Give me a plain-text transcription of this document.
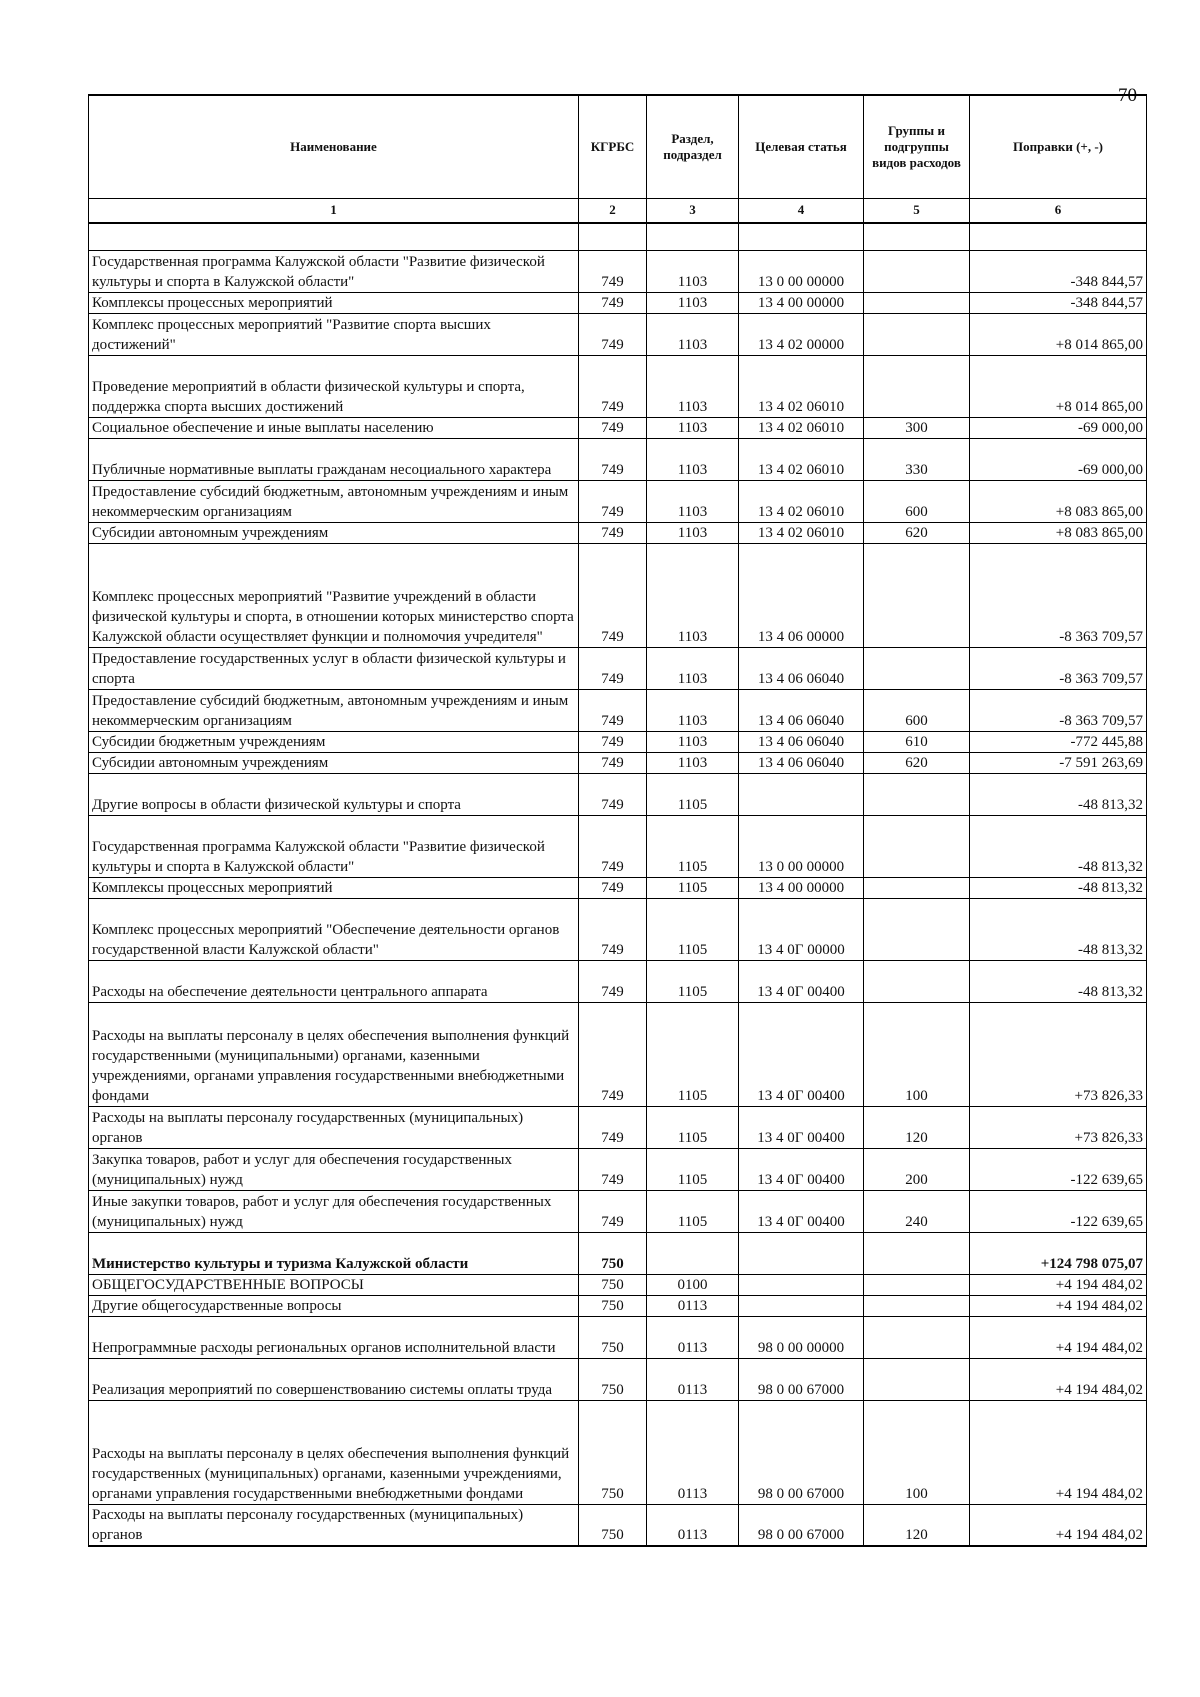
70
Наименование	КГРБС	Раздел, подраздел	Целевая статья	Группы и подгруппы видов расходов	Поправки (+, -)
1	2	3	4	5	6

Государственная программа Калужской области "Развитие физической культуры и спорта в Калужской области"	749	1103	13 0 00 00000		-348 844,57
Комплексы процессных мероприятий	749	1103	13 4 00 00000		-348 844,57
Комплекс процессных мероприятий "Развитие спорта высших достижений"	749	1103	13 4 02 00000		+8 014 865,00
Проведение мероприятий в области физической культуры и спорта, поддержка спорта высших достижений	749	1103	13 4 02 06010		+8 014 865,00
Социальное обеспечение и иные выплаты населению	749	1103	13 4 02 06010	300	-69 000,00
Публичные нормативные выплаты гражданам несоциального характера	749	1103	13 4 02 06010	330	-69 000,00
Предоставление субсидий бюджетным, автономным учреждениям и иным некоммерческим организациям	749	1103	13 4 02 06010	600	+8 083 865,00
Субсидии автономным учреждениям	749	1103	13 4 02 06010	620	+8 083 865,00
Комплекс процессных мероприятий "Развитие учреждений в области физической культуры и спорта, в отношении которых министерство спорта Калужской области осуществляет функции и полномочия учредителя"	749	1103	13 4 06 00000		-8 363 709,57
Предоставление государственных услуг в области физической культуры и спорта	749	1103	13 4 06 06040		-8 363 709,57
Предоставление субсидий бюджетным, автономным учреждениям и иным некоммерческим организациям	749	1103	13 4 06 06040	600	-8 363 709,57
Субсидии бюджетным учреждениям	749	1103	13 4 06 06040	610	-772 445,88
Субсидии автономным учреждениям	749	1103	13 4 06 06040	620	-7 591 263,69
Другие вопросы в области физической культуры и спорта	749	1105			-48 813,32
Государственная программа Калужской области "Развитие физической культуры и спорта в Калужской области"	749	1105	13 0 00 00000		-48 813,32
Комплексы процессных мероприятий	749	1105	13 4 00 00000		-48 813,32
Комплекс процессных мероприятий "Обеспечение деятельности органов государственной власти Калужской области"	749	1105	13 4 0Г 00000		-48 813,32
Расходы на обеспечение деятельности центрального аппарата	749	1105	13 4 0Г 00400		-48 813,32
Расходы на выплаты персоналу в целях обеспечения выполнения функций государственными (муниципальными) органами, казенными учреждениями, органами управления государственными внебюджетными фондами	749	1105	13 4 0Г 00400	100	+73 826,33
Расходы на выплаты персоналу государственных (муниципальных) органов	749	1105	13 4 0Г 00400	120	+73 826,33
Закупка товаров, работ и услуг для обеспечения государственных (муниципальных) нужд	749	1105	13 4 0Г 00400	200	-122 639,65
Иные закупки товаров, работ и услуг для обеспечения государственных (муниципальных) нужд	749	1105	13 4 0Г 00400	240	-122 639,65
Министерство культуры и туризма Калужской области	750				+124 798 075,07
ОБЩЕГОСУДАРСТВЕННЫЕ ВОПРОСЫ	750	0100			+4 194 484,02
Другие общегосударственные вопросы	750	0113			+4 194 484,02
Непрограммные расходы региональных органов исполнительной власти	750	0113	98 0 00 00000		+4 194 484,02
Реализация мероприятий по совершенствованию системы оплаты труда	750	0113	98 0 00 67000		+4 194 484,02
Расходы на выплаты персоналу в целях обеспечения выполнения функций государственных (муниципальных) органами, казенными учреждениями, органами управления государственными внебюджетными фондами	750	0113	98 0 00 67000	100	+4 194 484,02
Расходы на выплаты персоналу государственных (муниципальных) органов	750	0113	98 0 00 67000	120	+4 194 484,02
